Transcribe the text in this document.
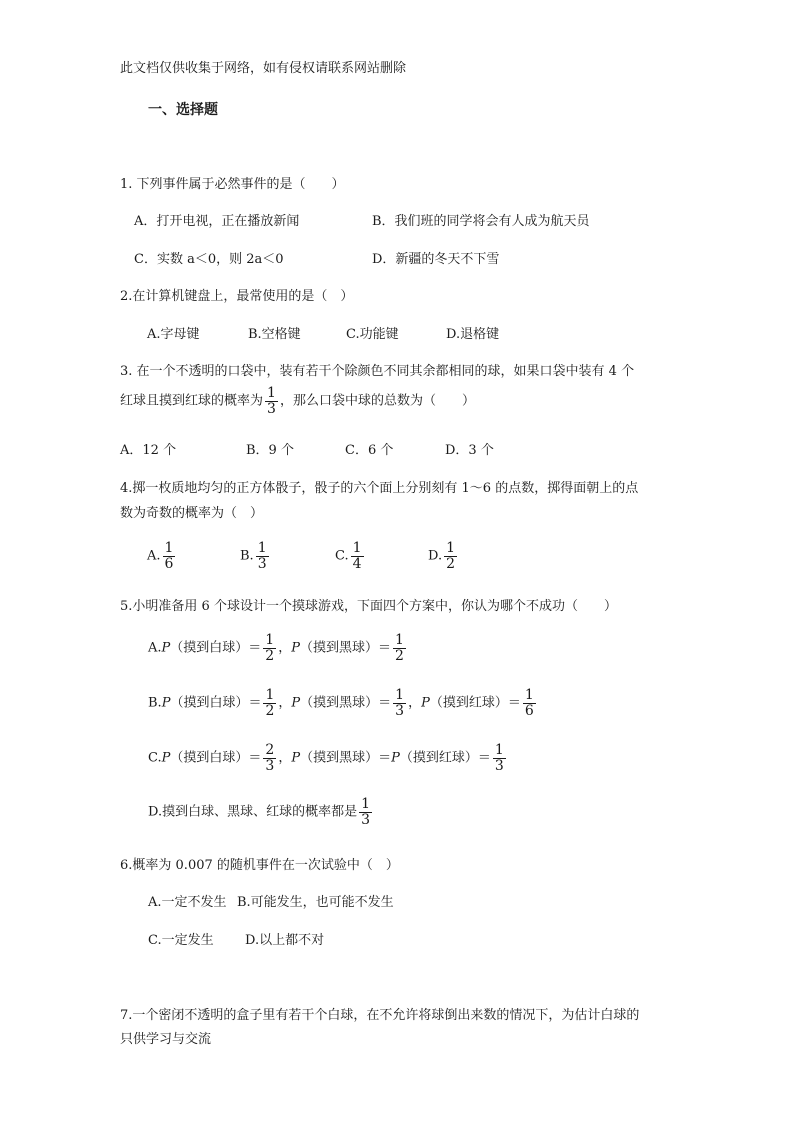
此文档仅供收集于网络，如有侵权请联系网站删除
一、选择题
1. 下列事件属于必然事件的是（　　）
A．打开电视，正在播放新闻	B．我们班的同学将会有人成为航天员
C．实数 a＜0，则 2a＜0	D．新疆的冬天不下雪
2.在计算机键盘上，最常使用的是（　）
A.字母键	B.空格键	C.功能键	D.退格键
3. 在一个不透明的口袋中，装有若干个除颜色不同其余都相同的球，如果口袋中装有 4 个
红球且摸到红球的概率为 $\frac{1}{3}$ ，那么口袋中球的总数为（　　）
A．12 个	B．9 个	C．6 个	D．3 个
4.掷一枚质地均匀的正方体骰子，骰子的六个面上分别刻有 1～6 的点数，掷得面朝上的点
数为奇数的概率为（　）
A. $\frac{1}{6}$	B. $\frac{1}{3}$	C. $\frac{1}{4}$	D. $\frac{1}{2}$
5.小明准备用 6 个球设计一个摸球游戏，下面四个方案中，你认为哪个不成功（　　）
A.P（摸到白球）＝ $\frac{1}{2}$ ，P（摸到黑球）＝ $\frac{1}{2}$
B.P（摸到白球）＝ $\frac{1}{2}$ ，P（摸到黑球）＝ $\frac{1}{3}$ ，P（摸到红球）＝ $\frac{1}{6}$
C.P（摸到白球）＝ $\frac{2}{3}$ ，P（摸到黑球）＝P（摸到红球）＝ $\frac{1}{3}$
D.摸到白球、黑球、红球的概率都是 $\frac{1}{3}$
6.概率为 0.007 的随机事件在一次试验中（　）
A.一定不发生 B.可能发生，也可能不发生
C.一定发生 D.以上都不对
7.一个密闭不透明的盒子里有若干个白球，在不允许将球倒出来数的情况下，为估计白球的
只供学习与交流
